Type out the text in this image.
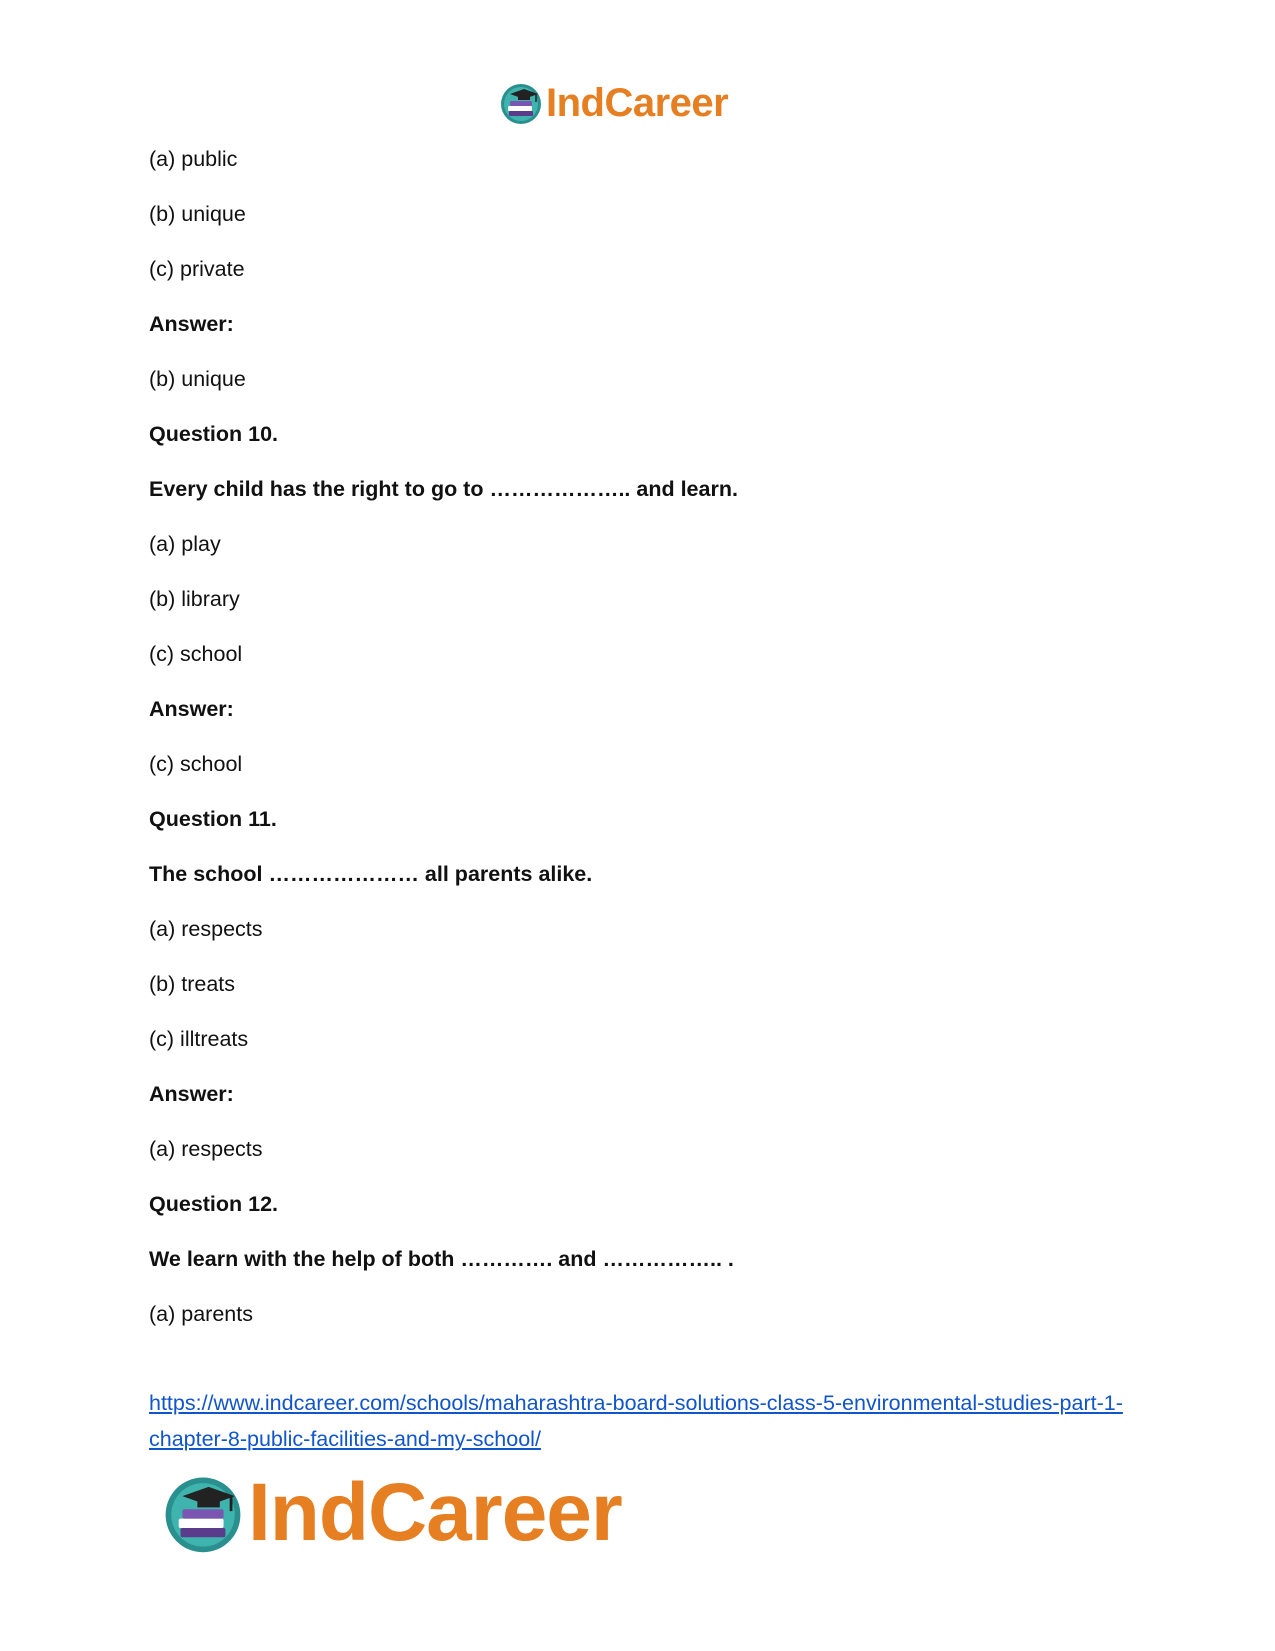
IndCareer
(a) public
(b) unique
(c) private
Answer:
(b) unique
Question 10.
Every child has the right to go to ……………….. and learn.
(a) play
(b) library
(c) school
Answer:
(c) school
Question 11.
The school ………………… all parents alike.
(a) respects
(b) treats
(c) illtreats
Answer:
(a) respects
Question 12.
We learn with the help of both …………. and …………….. .
(a) parents
https://www.indcareer.com/schools/maharashtra-board-solutions-class-5-environmental-studies-part-1-chapter-8-public-facilities-and-my-school/
IndCareer
